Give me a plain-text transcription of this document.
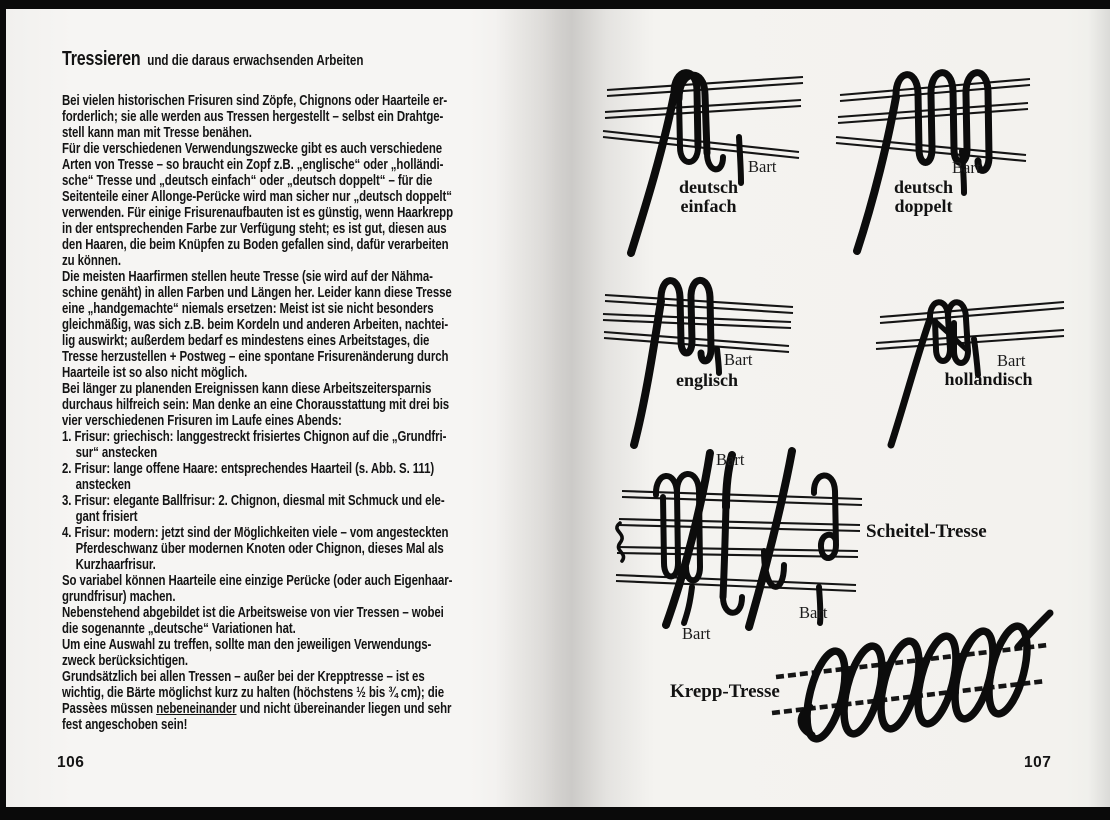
Tressieren und die daraus erwachsenden Arbeiten
Bei vielen historischen Frisuren sind Zöpfe, Chignons oder Haarteile er-
forderlich; sie alle werden aus Tressen hergestellt – selbst ein Drahtge-
stell kann man mit Tresse benähen.
Für die verschiedenen Verwendungszwecke gibt es auch verschiedene
Arten von Tresse – so braucht ein Zopf z.B. „englische“ oder „holländi-
sche“ Tresse und „deutsch einfach“ oder „deutsch doppelt“ – für die
Seitenteile einer Allonge-Perücke wird man sicher nur „deutsch doppelt“
verwenden. Für einige Frisurenaufbauten ist es günstig, wenn Haarkrepp
in der entsprechenden Farbe zur Verfügung steht; es ist gut, diesen aus
den Haaren, die beim Knüpfen zu Boden gefallen sind, dafür verarbeiten
zu können.
Die meisten Haarfirmen stellen heute Tresse (sie wird auf der Nähma-
schine genäht) in allen Farben und Längen her. Leider kann diese Tresse
eine „handgemachte“ niemals ersetzen: Meist ist sie nicht besonders
gleichmäßig, was sich z.B. beim Kordeln und anderen Arbeiten, nachtei-
lig auswirkt; außerdem bedarf es mindestens eines Arbeitstages, die
Tresse herzustellen + Postweg – eine spontane Frisurenänderung durch
Haarteile ist so also nicht möglich.
Bei länger zu planenden Ereignissen kann diese Arbeitszeitersparnis
durchaus hilfreich sein: Man denke an eine Chorausstattung mit drei bis
vier verschiedenen Frisuren im Laufe eines Abends:
1. Frisur: griechisch: langgestreckt frisiertes Chignon auf die „Grundfri-
sur“ anstecken
2. Frisur: lange offene Haare: entsprechendes Haarteil (s. Abb. S. 111)
anstecken
3. Frisur: elegante Ballfrisur: 2. Chignon, diesmal mit Schmuck und ele-
gant frisiert
4. Frisur: modern: jetzt sind der Möglichkeiten viele – vom angesteckten
Pferdeschwanz über modernen Knoten oder Chignon, dieses Mal als
Kurzhaarfrisur.
So variabel können Haarteile eine einzige Perücke (oder auch Eigenhaar-
grundfrisur) machen.
Nebenstehend abgebildet ist die Arbeitsweise von vier Tressen – wobei
die sogenannte „deutsche“ Variationen hat.
Um eine Auswahl zu treffen, sollte man den jeweiligen Verwendungs-
zweck berücksichtigen.
Grundsätzlich bei allen Tressen – außer bei der Krepptresse – ist es
wichtig, die Bärte möglichst kurz zu halten (höchstens ½ bis ¾ cm); die
Passèes müssen nebeneinander und nicht übereinander liegen und sehr
fest angeschoben sein!
106
Bart
deutsch
einfach
Bart
deutsch
doppelt
Bart
englisch
Bart
holländisch
Bart
Bart
Bart
Scheitel-Tresse
Krepp-Tresse
107
